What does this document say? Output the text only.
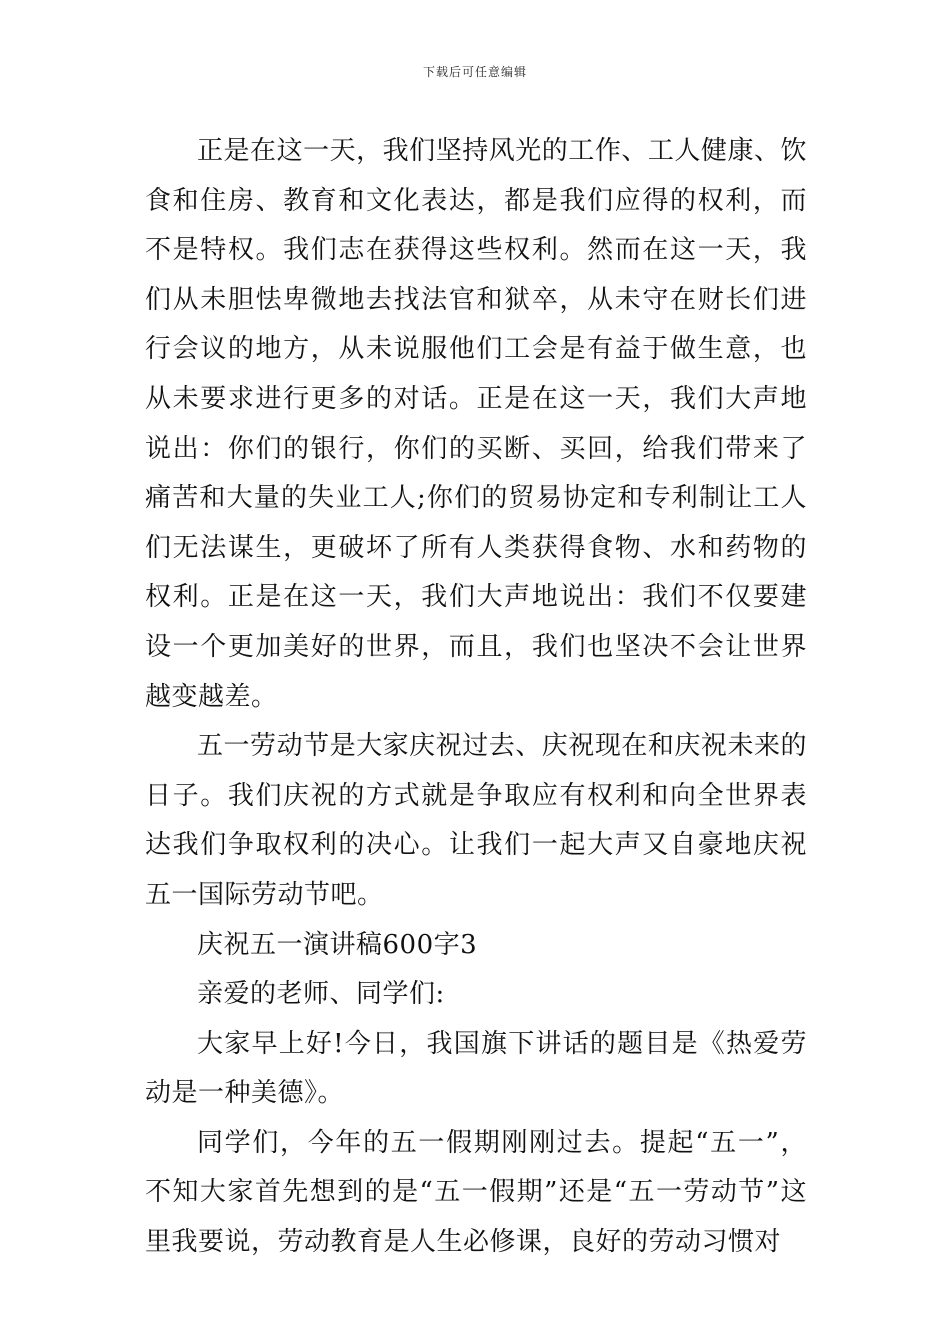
下载后可任意编辑

正是在这一天，我们坚持风光的工作、工人健康、饮食和住房、教育和文化表达，都是我们应得的权利，而不是特权。我们志在获得这些权利。然而在这一天，我们从未胆怯卑微地去找法官和狱卒，从未守在财长们进行会议的地方，从未说服他们工会是有益于做生意，也从未要求进行更多的对话。正是在这一天，我们大声地说出：你们的银行，你们的买断、买回，给我们带来了痛苦和大量的失业工人;你们的贸易协定和专利制让工人们无法谋生，更破坏了所有人类获得食物、水和药物的权利。正是在这一天，我们大声地说出：我们不仅要建设一个更加美好的世界，而且，我们也坚决不会让世界越变越差。

五一劳动节是大家庆祝过去、庆祝现在和庆祝未来的日子。我们庆祝的方式就是争取应有权利和向全世界表达我们争取权利的决心。让我们一起大声又自豪地庆祝五一国际劳动节吧。

庆祝五一演讲稿600字3

亲爱的老师、同学们:

大家早上好!今日，我国旗下讲话的题目是《热爱劳动是一种美德》。

同学们，今年的五一假期刚刚过去。提起“五一”，不知大家首先想到的是“五一假期”还是“五一劳动节”这里我要说，劳动教育是人生必修课，良好的劳动习惯对
